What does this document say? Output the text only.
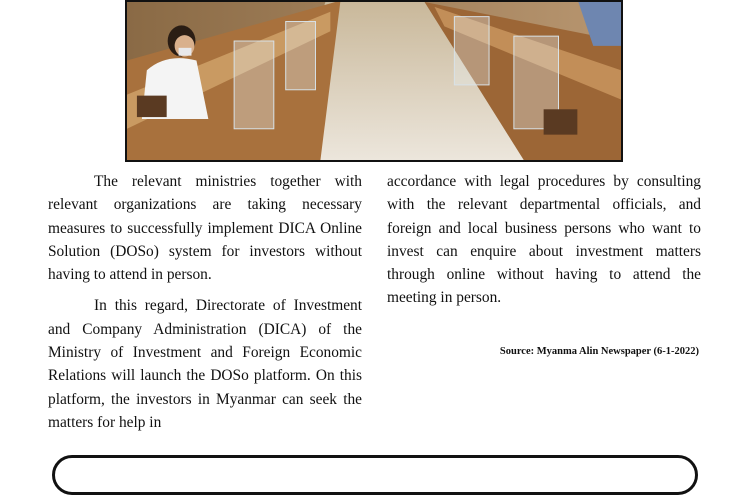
The relevant ministries together with relevant organizations are taking necessary measures to successfully implement DICA Online Solution (DOSo) system for investors without having to attend in person.

In this regard, Directorate of Investment and Company Administration (DICA) of the Ministry of Investment and Foreign Economic Relations will launch the DOSo platform. On this platform, the investors in Myanmar can seek the matters for help in

accordance with legal procedures by consulting with the relevant departmental officials, and foreign and local business persons who want to invest can enquire about investment matters through online without having to attend the meeting in person.

Source: Myanma Alin Newspaper (6-1-2022)
